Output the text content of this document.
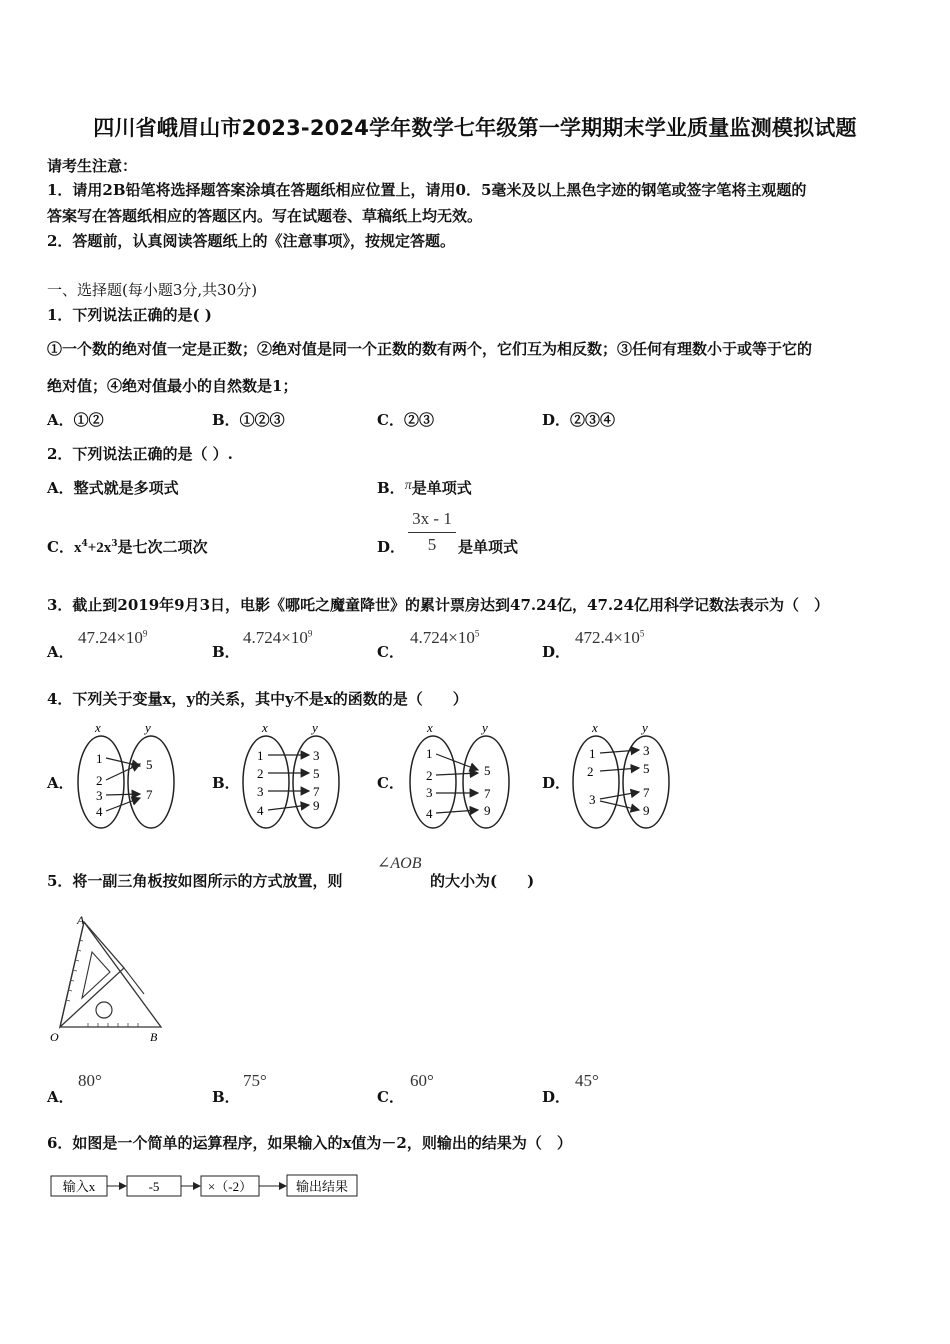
四川省峨眉山市2023-2024学年数学七年级第一学期期末学业质量监测模拟试题
请考生注意：
1．请用2B铅笔将选择题答案涂填在答题纸相应位置上，请用0．5毫米及以上黑色字迹的钢笔或签字笔将主观题的
答案写在答题纸相应的答题区内。写在试题卷、草稿纸上均无效。
2．答题前，认真阅读答题纸上的《注意事项》，按规定答题。
一、选择题(每小题3分,共30分)
1．下列说法正确的是( )
①一个数的绝对值一定是正数；②绝对值是同一个正数的数有两个，它们互为相反数；③任何有理数小于或等于它的
绝对值；④绝对值最小的自然数是1；
A．①②	B．①②③	C．②③	D．②③④
2．下列说法正确的是（ ）.
A．整式就是多项式	B．π是单项式
C．$x^4+2x^3$是七次二项次	D．
3x - 1
5	是单项式
3．截止到2019年9月3日，电影《哪吒之魔童降世》的累计票房达到47.24亿，47.24亿用科学记数法表示为（　）
A．
$47.24\times 10^9$
B．
$4.724\times 10^9$
C．
$4.724\times 10^5$
D．
$472.4\times 10^5$
4．下列关于变量x，y的关系，其中y不是x的函数的是（　　）
A．	B．	C．	D．
x	y
1
2
3
4
5
7
x	y
1
2
3
4
3
5
7
9
x	y
1
2
3
4
5
7
9
x	y
1
2
3
3
5
7
9
5．将一副三角板按如图所示的方式放置，则
∠AOB
的大小为(　　)
A
O	B
A．
80°
B．
75°
C．
60°
D．
45°
6．如图是一个简单的运算程序，如果输入的x值为－2，则输出的结果为（　）
输入x	-5	×（-2）	输出结果
